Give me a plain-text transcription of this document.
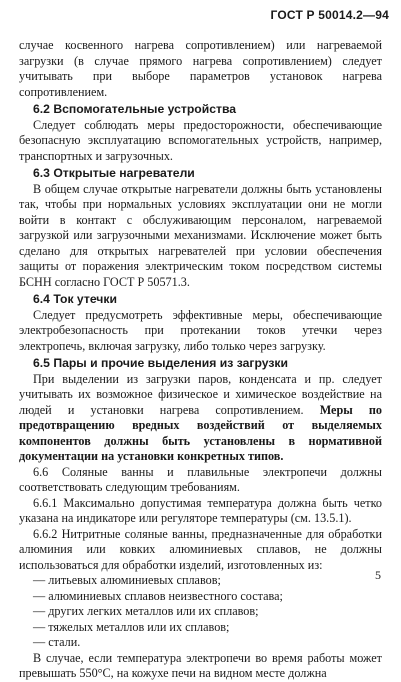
ГОСТ Р 50014.2—94

случае косвенного нагрева сопротивлением) или нагреваемой загрузки (в случае прямого нагрева сопротивлением) следует учитывать при выборе параметров установок нагрева сопротивлением.

6.2 Вспомогательные устройства

Следует соблюдать меры предосторожности, обеспечивающие безопасную эксплуатацию вспомогательных устройств, например, транспортных и загрузочных.

6.3 Открытые нагреватели

В общем случае открытые нагреватели должны быть установлены так, чтобы при нормальных условиях эксплуатации они не могли войти в контакт с обслуживающим персоналом, нагреваемой загрузкой или загрузочными механизмами. Исключение может быть сделано для открытых нагревателей при условии обеспечения защиты от поражения электрическим током посредством системы БСНН согласно ГОСТ Р 50571.3.

6.4 Ток утечки

Следует предусмотреть эффективные меры, обеспечивающие электробезопасность при протекании токов утечки через электропечь, включая загрузку, либо только через загрузку.

6.5 Пары и прочие выделения из загрузки

При выделении из загрузки паров, конденсата и пр. следует учитывать их возможное физическое и химическое воздействие на людей и установки нагрева сопротивлением. Меры по предотвращению вредных воздействий от выделяемых компонентов должны быть установлены в нормативной документации на установки конкретных типов.

6.6 Соляные ванны и плавильные электропечи должны соответствовать следующим требованиям.

6.6.1 Максимально допустимая температура должна быть четко указана на индикаторе или регуляторе температуры (см. 13.5.1).

6.6.2 Нитритные соляные ванны, предназначенные для обработки алюминия или ковких алюминиевых сплавов, не должны использоваться для обработки изделий, изготовленных из:

— литьевых алюминиевых сплавов;
— алюминиевых сплавов неизвестного состава;
— других легких металлов или их сплавов;
— тяжелых металлов или их сплавов;
— стали.

В случае, если температура электропечи во время работы может превышать 550°С, на кожухе печи на видном месте должна

5
